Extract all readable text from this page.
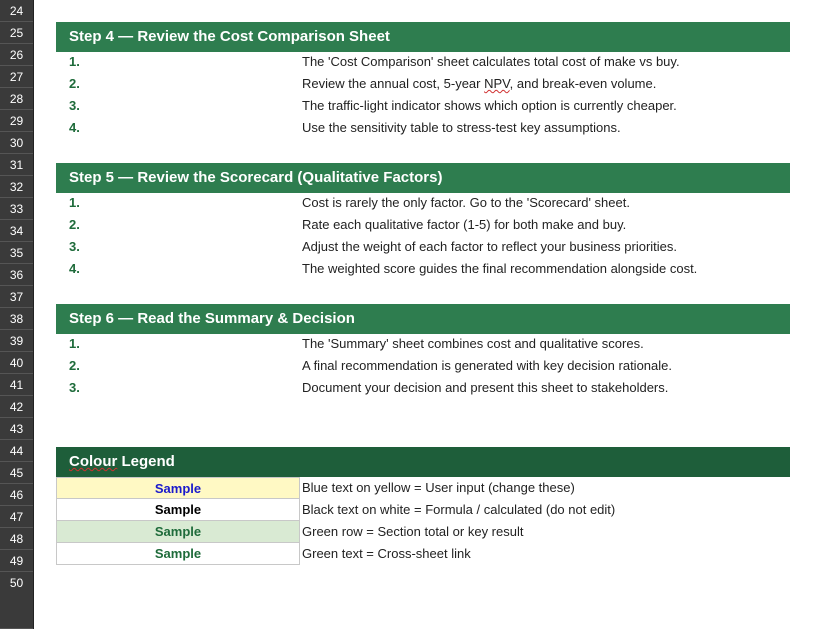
24
25
26
27
28
29
30
31
32
33
34
35
36
37
38
39
40
41
42
43
44
45
46
47
48
49
50
Step 4 — Review the Cost Comparison Sheet
1.	The 'Cost Comparison' sheet calculates total cost of make vs buy.
2.	Review the annual cost, 5-year NPV, and break-even volume.
3.	The traffic-light indicator shows which option is currently cheaper.
4.	Use the sensitivity table to stress-test key assumptions.
Step 5 — Review the Scorecard (Qualitative Factors)
1.	Cost is rarely the only factor. Go to the 'Scorecard' sheet.
2.	Rate each qualitative factor (1-5) for both make and buy.
3.	Adjust the weight of each factor to reflect your business priorities.
4.	The weighted score guides the final recommendation alongside cost.
Step 6 — Read the Summary & Decision
1.	The 'Summary' sheet combines cost and qualitative scores.
2.	A final recommendation is generated with key decision rationale.
3.	Document your decision and present this sheet to stakeholders.
Colour Legend
Sample	Blue text on yellow = User input (change these)
Sample	Black text on white = Formula / calculated (do not edit)
Sample	Green row = Section total or key result
Sample	Green text = Cross-sheet link
